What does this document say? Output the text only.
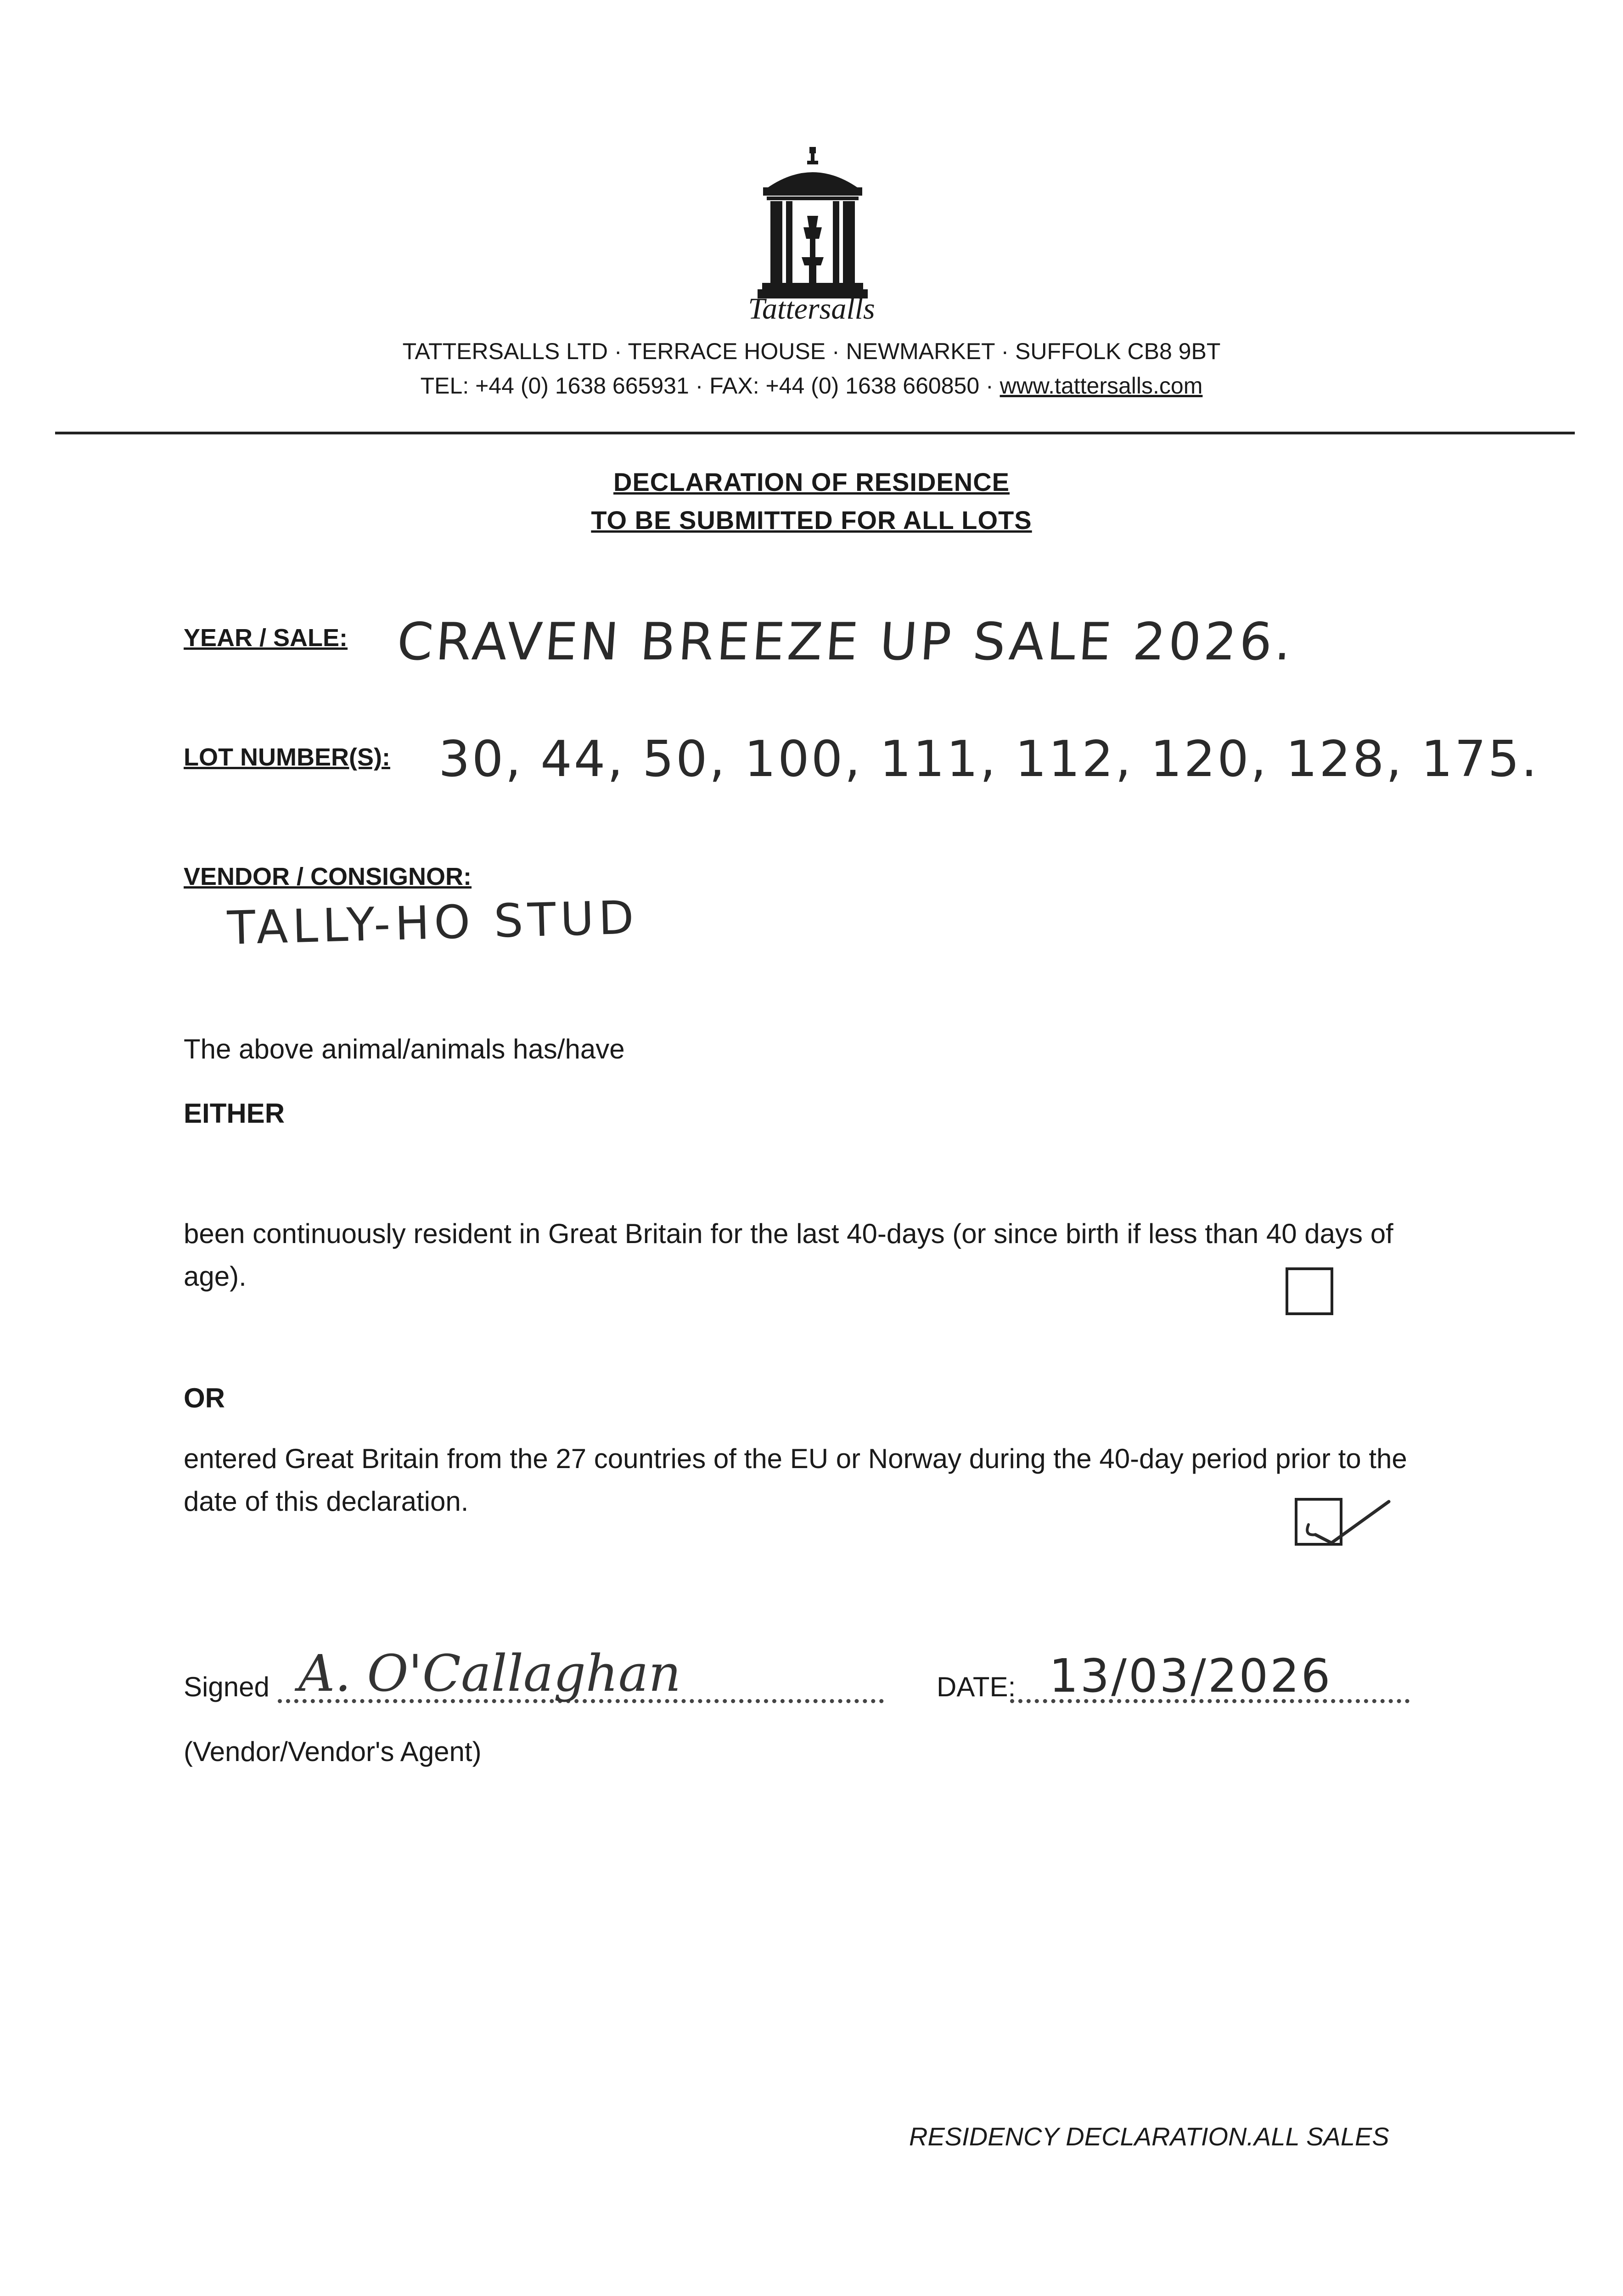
Tattersalls
TATTERSALLS LTD · TERRACE HOUSE · NEWMARKET · SUFFOLK CB8 9BT
TEL: +44 (0) 1638 665931 · FAX: +44 (0) 1638 660850 · www.tattersalls.com
DECLARATION OF RESIDENCE
TO BE SUBMITTED FOR ALL LOTS
YEAR / SALE: CRAVEN BREEZE UP SALE 2026.
LOT NUMBER(S): 30, 44, 50, 100, 111, 112, 120, 128, 175.
VENDOR / CONSIGNOR:
TALLY-HO STUD
The above animal/animals has/have
EITHER
been continuously resident in Great Britain for the last 40-days (or since birth if less than 40 days of age).
OR
entered Great Britain from the 27 countries of the EU or Norway during the 40-day period prior to the date of this declaration.
Signed A. O'Callaghan	DATE: 13/03/2026
(Vendor/Vendor's Agent)
RESIDENCY DECLARATION.ALL SALES
